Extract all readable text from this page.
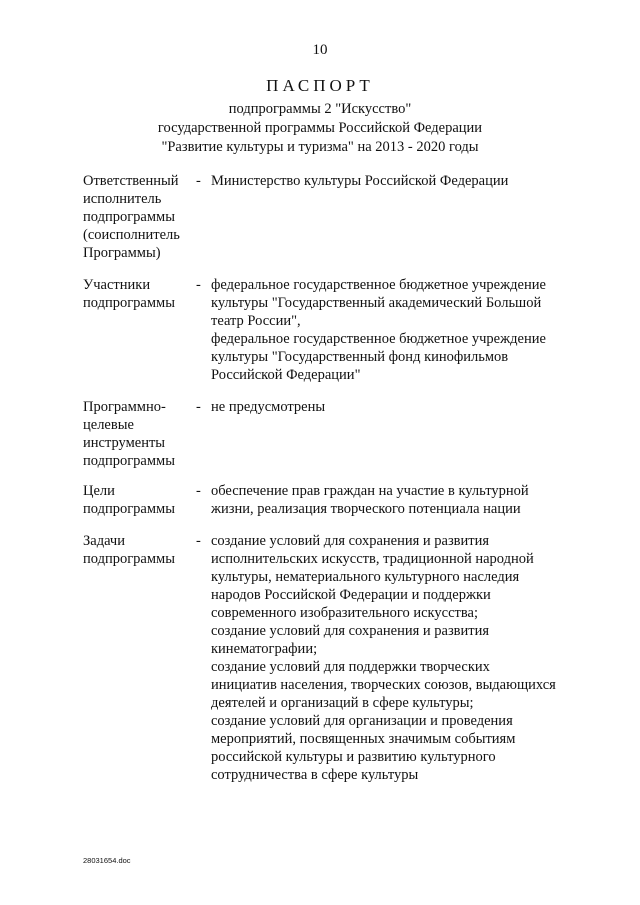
10
ПАСПОРТ
подпрограммы 2 "Искусство"
государственной программы Российской Федерации
"Развитие культуры и туризма" на 2013 - 2020 годы
Ответственный
исполнитель
подпрограммы
(соисполнитель
Программы)
- Министерство культуры Российской Федерации
Участники
подпрограммы
- федеральное государственное бюджетное учреждение
культуры "Государственный академический Большой
театр России",
федеральное государственное бюджетное учреждение
культуры "Государственный фонд кинофильмов
Российской Федерации"
Программно-
целевые
инструменты
подпрограммы
- не предусмотрены
Цели
подпрограммы
- обеспечение прав граждан на участие в культурной
жизни, реализация творческого потенциала нации
Задачи
подпрограммы
- создание условий для сохранения и развития
исполнительских искусств, традиционной народной
культуры, нематериального культурного наследия
народов Российской Федерации и поддержки
современного изобразительного искусства;
создание условий для сохранения и развития
кинематографии;
создание условий для поддержки творческих
инициатив населения, творческих союзов, выдающихся
деятелей и организаций в сфере культуры;
создание условий для организации и проведения
мероприятий, посвященных значимым событиям
российской культуры и развитию культурного
сотрудничества в сфере культуры
28031654.doc
